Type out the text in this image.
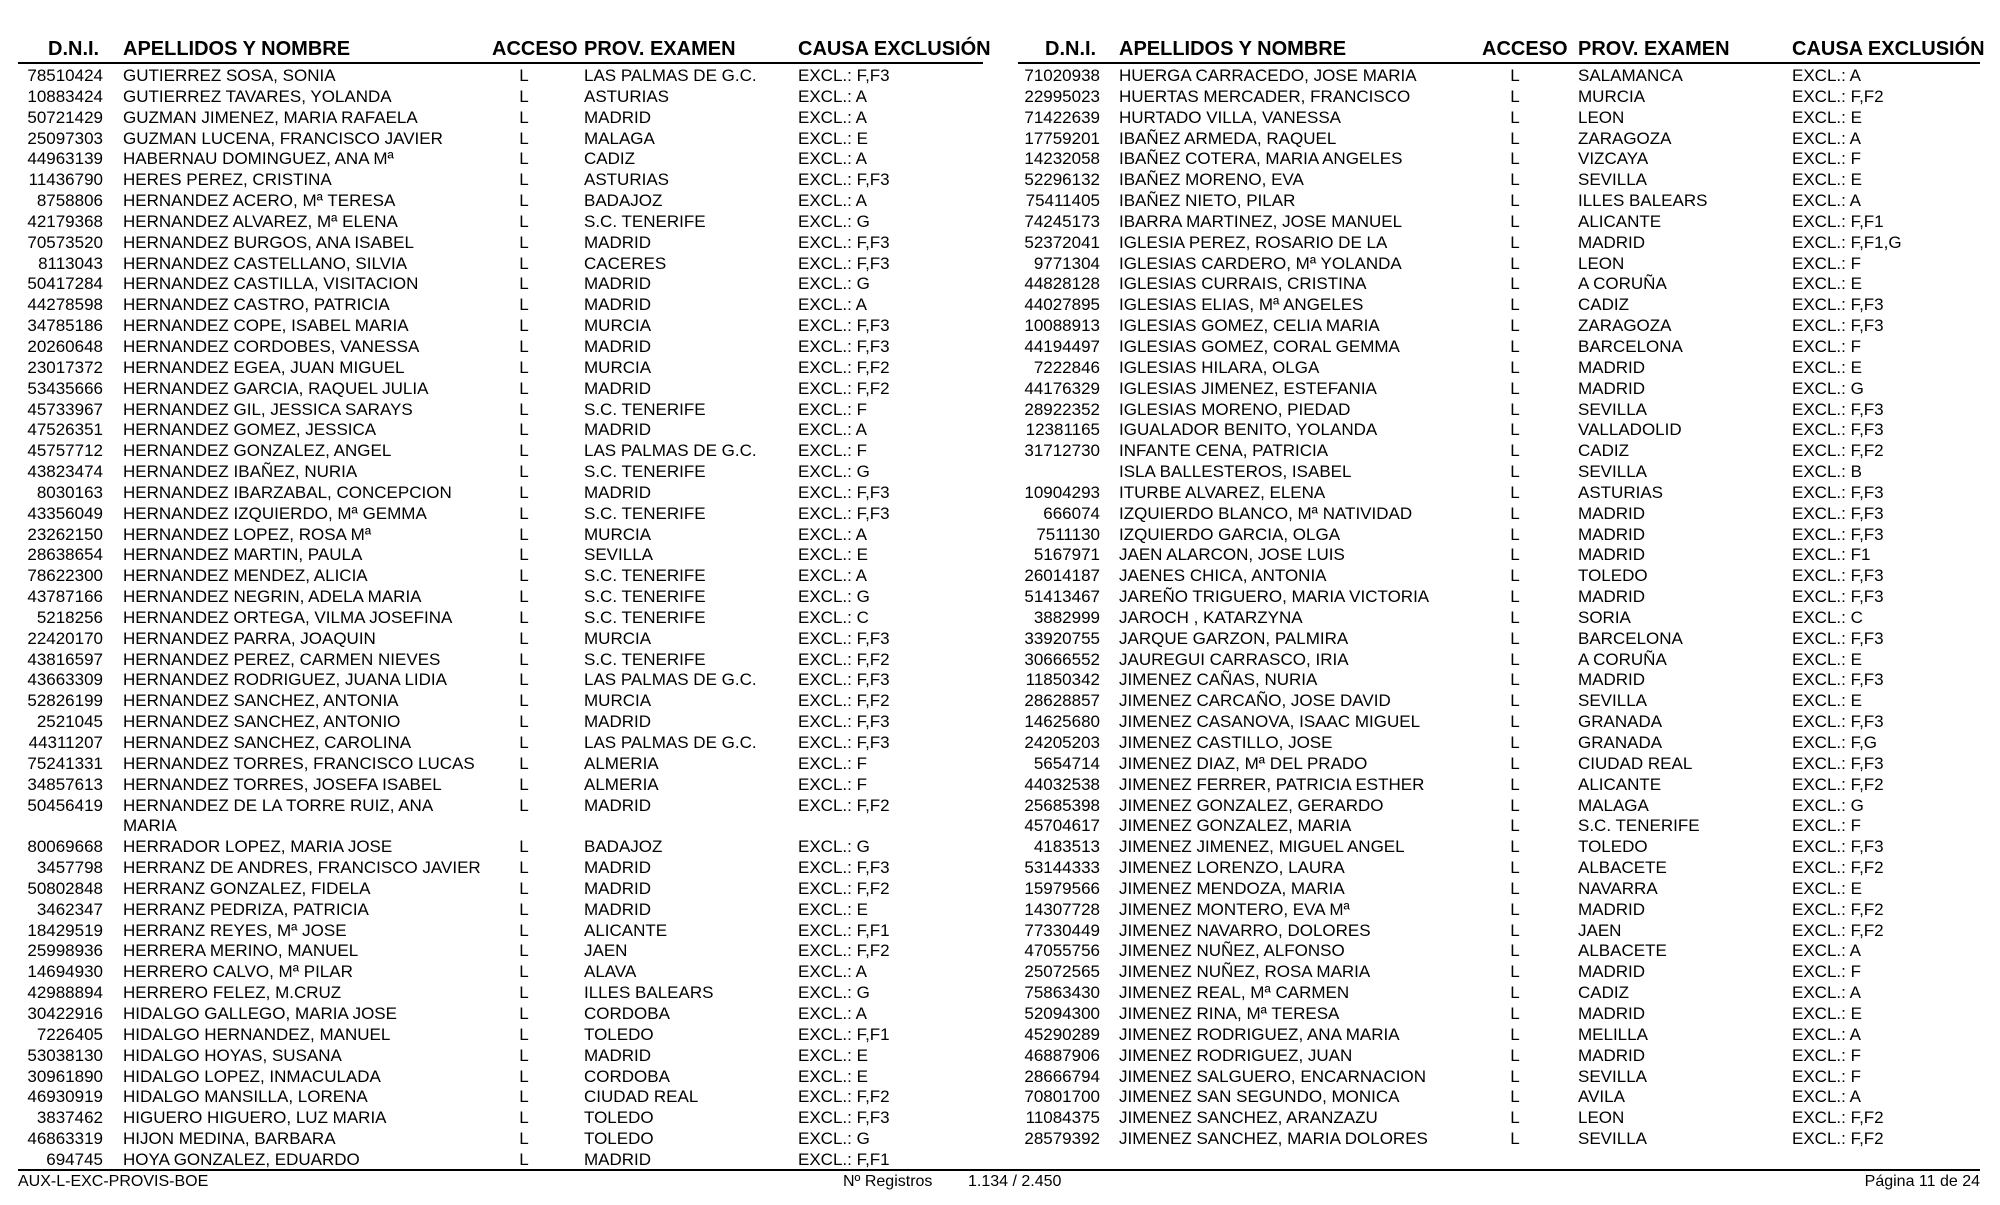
D.N.I. APELLIDOS Y NOMBRE	ACCESO PROV. EXAMEN	CAUSA EXCLUSIÓN
78510424 GUTIERREZ SOSA, SONIA	L	LAS PALMAS DE G.C. EXCL.: F,F3
10883424 GUTIERREZ TAVARES, YOLANDA	L	ASTURIAS	EXCL.: A
50721429 GUZMAN JIMENEZ, MARIA RAFAELA	L	MADRID	EXCL.: A
25097303 GUZMAN LUCENA, FRANCISCO JAVIER	L	MALAGA	EXCL.: E
44963139 HABERNAU DOMINGUEZ, ANA Mª	L	CADIZ	EXCL.: A
11436790 HERES PEREZ, CRISTINA	L	ASTURIAS	EXCL.: F,F3
8758806 HERNANDEZ ACERO, Mª TERESA	L	BADAJOZ	EXCL.: A
42179368 HERNANDEZ ALVAREZ, Mª ELENA	L	S.C. TENERIFE	EXCL.: G
70573520 HERNANDEZ BURGOS, ANA ISABEL	L	MADRID	EXCL.: F,F3
8113043 HERNANDEZ CASTELLANO, SILVIA	L	CACERES	EXCL.: F,F3
50417284 HERNANDEZ CASTILLA, VISITACION	L	MADRID	EXCL.: G
44278598 HERNANDEZ CASTRO, PATRICIA	L	MADRID	EXCL.: A
34785186 HERNANDEZ COPE, ISABEL MARIA	L	MURCIA	EXCL.: F,F3
20260648 HERNANDEZ CORDOBES, VANESSA	L	MADRID	EXCL.: F,F3
23017372 HERNANDEZ EGEA, JUAN MIGUEL	L	MURCIA	EXCL.: F,F2
53435666 HERNANDEZ GARCIA, RAQUEL JULIA	L	MADRID	EXCL.: F,F2
45733967 HERNANDEZ GIL, JESSICA SARAYS	L	S.C. TENERIFE	EXCL.: F
47526351 HERNANDEZ GOMEZ, JESSICA	L	MADRID	EXCL.: A
45757712 HERNANDEZ GONZALEZ, ANGEL	L	LAS PALMAS DE G.C. EXCL.: F
43823474 HERNANDEZ IBAÑEZ, NURIA	L	S.C. TENERIFE	EXCL.: G
8030163 HERNANDEZ IBARZABAL, CONCEPCION	L	MADRID	EXCL.: F,F3
43356049 HERNANDEZ IZQUIERDO, Mª GEMMA	L	S.C. TENERIFE	EXCL.: F,F3
23262150 HERNANDEZ LOPEZ, ROSA Mª	L	MURCIA	EXCL.: A
28638654 HERNANDEZ MARTIN, PAULA	L	SEVILLA	EXCL.: E
78622300 HERNANDEZ MENDEZ, ALICIA	L	S.C. TENERIFE	EXCL.: A
43787166 HERNANDEZ NEGRIN, ADELA MARIA	L	S.C. TENERIFE	EXCL.: G
5218256 HERNANDEZ ORTEGA, VILMA JOSEFINA	L	S.C. TENERIFE	EXCL.: C
22420170 HERNANDEZ PARRA, JOAQUIN	L	MURCIA	EXCL.: F,F3
43816597 HERNANDEZ PEREZ, CARMEN NIEVES	L	S.C. TENERIFE	EXCL.: F,F2
43663309 HERNANDEZ RODRIGUEZ, JUANA LIDIA	L	LAS PALMAS DE G.C. EXCL.: F,F3
52826199 HERNANDEZ SANCHEZ, ANTONIA	L	MURCIA	EXCL.: F,F2
2521045 HERNANDEZ SANCHEZ, ANTONIO	L	MADRID	EXCL.: F,F3
44311207 HERNANDEZ SANCHEZ, CAROLINA	L	LAS PALMAS DE G.C. EXCL.: F,F3
75241331 HERNANDEZ TORRES, FRANCISCO LUCAS	L	ALMERIA	EXCL.: F
34857613 HERNANDEZ TORRES, JOSEFA ISABEL	L	ALMERIA	EXCL.: F
50456419 HERNANDEZ DE LA TORRE RUIZ, ANA	L	MADRID	EXCL.: F,F2
MARIA
80069668 HERRADOR LOPEZ, MARIA JOSE	L	BADAJOZ	EXCL.: G
3457798 HERRANZ DE ANDRES, FRANCISCO JAVIER L	MADRID	EXCL.: F,F3
50802848 HERRANZ GONZALEZ, FIDELA	L	MADRID	EXCL.: F,F2
3462347 HERRANZ PEDRIZA, PATRICIA	L	MADRID	EXCL.: E
18429519 HERRANZ REYES, Mª JOSE	L	ALICANTE	EXCL.: F,F1
25998936 HERRERA MERINO, MANUEL	L	JAEN	EXCL.: F,F2
14694930 HERRERO CALVO, Mª PILAR	L	ALAVA	EXCL.: A
42988894 HERRERO FELEZ, M.CRUZ	L	ILLES BALEARS	EXCL.: G
30422916 HIDALGO GALLEGO, MARIA JOSE	L	CORDOBA	EXCL.: A
7226405 HIDALGO HERNANDEZ, MANUEL	L	TOLEDO	EXCL.: F,F1
53038130 HIDALGO HOYAS, SUSANA	L	MADRID	EXCL.: E
30961890 HIDALGO LOPEZ, INMACULADA	L	CORDOBA	EXCL.: E
46930919 HIDALGO MANSILLA, LORENA	L	CIUDAD REAL	EXCL.: F,F2
3837462 HIGUERO HIGUERO, LUZ MARIA	L	TOLEDO	EXCL.: F,F3
46863319 HIJON MEDINA, BARBARA	L	TOLEDO	EXCL.: G
694745 HOYA GONZALEZ, EDUARDO	L	MADRID	EXCL.: F,F1
D.N.I. APELLIDOS Y NOMBRE	ACCESO PROV. EXAMEN	CAUSA EXCLUSIÓN
71020938 HUERGA CARRACEDO, JOSE MARIA	L	SALAMANCA	EXCL.: A
22995023 HUERTAS MERCADER, FRANCISCO	L	MURCIA	EXCL.: F,F2
71422639 HURTADO VILLA, VANESSA	L	LEON	EXCL.: E
17759201 IBAÑEZ ARMEDA, RAQUEL	L	ZARAGOZA	EXCL.: A
14232058 IBAÑEZ COTERA, MARIA ANGELES	L	VIZCAYA	EXCL.: F
52296132 IBAÑEZ MORENO, EVA	L	SEVILLA	EXCL.: E
75411405 IBAÑEZ NIETO, PILAR	L	ILLES BALEARS	EXCL.: A
74245173 IBARRA MARTINEZ, JOSE MANUEL	L	ALICANTE	EXCL.: F,F1
52372041 IGLESIA PEREZ, ROSARIO DE LA	L	MADRID	EXCL.: F,F1,G
9771304 IGLESIAS CARDERO, Mª YOLANDA	L	LEON	EXCL.: F
44828128 IGLESIAS CURRAIS, CRISTINA	L	A CORUÑA	EXCL.: E
44027895 IGLESIAS ELIAS, Mª ANGELES	L	CADIZ	EXCL.: F,F3
10088913 IGLESIAS GOMEZ, CELIA MARIA	L	ZARAGOZA	EXCL.: F,F3
44194497 IGLESIAS GOMEZ, CORAL GEMMA	L	BARCELONA	EXCL.: F
7222846 IGLESIAS HILARA, OLGA	L	MADRID	EXCL.: E
44176329 IGLESIAS JIMENEZ, ESTEFANIA	L	MADRID	EXCL.: G
28922352 IGLESIAS MORENO, PIEDAD	L	SEVILLA	EXCL.: F,F3
12381165 IGUALADOR BENITO, YOLANDA	L	VALLADOLID	EXCL.: F,F3
31712730 INFANTE CENA, PATRICIA	L	CADIZ	EXCL.: F,F2
ISLA BALLESTEROS, ISABEL	L	SEVILLA	EXCL.: B
10904293 ITURBE ALVAREZ, ELENA	L	ASTURIAS	EXCL.: F,F3
666074 IZQUIERDO BLANCO, Mª NATIVIDAD	L	MADRID	EXCL.: F,F3
7511130 IZQUIERDO GARCIA, OLGA	L	MADRID	EXCL.: F,F3
5167971 JAEN ALARCON, JOSE LUIS	L	MADRID	EXCL.: F1
26014187 JAENES CHICA, ANTONIA	L	TOLEDO	EXCL.: F,F3
51413467 JAREÑO TRIGUERO, MARIA VICTORIA	L	MADRID	EXCL.: F,F3
3882999 JAROCH , KATARZYNA	L	SORIA	EXCL.: C
33920755 JARQUE GARZON, PALMIRA	L	BARCELONA	EXCL.: F,F3
30666552 JAUREGUI CARRASCO, IRIA	L	A CORUÑA	EXCL.: E
11850342 JIMENEZ CAÑAS, NURIA	L	MADRID	EXCL.: F,F3
28628857 JIMENEZ CARCAÑO, JOSE DAVID	L	SEVILLA	EXCL.: E
14625680 JIMENEZ CASANOVA, ISAAC MIGUEL	L	GRANADA	EXCL.: F,F3
24205203 JIMENEZ CASTILLO, JOSE	L	GRANADA	EXCL.: F,G
5654714 JIMENEZ DIAZ, Mª DEL PRADO	L	CIUDAD REAL	EXCL.: F,F3
44032538 JIMENEZ FERRER, PATRICIA ESTHER	L	ALICANTE	EXCL.: F,F2
25685398 JIMENEZ GONZALEZ, GERARDO	L	MALAGA	EXCL.: G
45704617 JIMENEZ GONZALEZ, MARIA	L	S.C. TENERIFE	EXCL.: F
4183513 JIMENEZ JIMENEZ, MIGUEL ANGEL	L	TOLEDO	EXCL.: F,F3
53144333 JIMENEZ LORENZO, LAURA	L	ALBACETE	EXCL.: F,F2
15979566 JIMENEZ MENDOZA, MARIA	L	NAVARRA	EXCL.: E
14307728 JIMENEZ MONTERO, EVA Mª	L	MADRID	EXCL.: F,F2
77330449 JIMENEZ NAVARRO, DOLORES	L	JAEN	EXCL.: F,F2
47055756 JIMENEZ NUÑEZ, ALFONSO	L	ALBACETE	EXCL.: A
25072565 JIMENEZ NUÑEZ, ROSA MARIA	L	MADRID	EXCL.: F
75863430 JIMENEZ REAL, Mª CARMEN	L	CADIZ	EXCL.: A
52094300 JIMENEZ RINA, Mª TERESA	L	MADRID	EXCL.: E
45290289 JIMENEZ RODRIGUEZ, ANA MARIA	L	MELILLA	EXCL.: A
46887906 JIMENEZ RODRIGUEZ, JUAN	L	MADRID	EXCL.: F
28666794 JIMENEZ SALGUERO, ENCARNACION	L	SEVILLA	EXCL.: F
70801700 JIMENEZ SAN SEGUNDO, MONICA	L	AVILA	EXCL.: A
11084375 JIMENEZ SANCHEZ, ARANZAZU	L	LEON	EXCL.: F,F2
28579392 JIMENEZ SANCHEZ, MARIA DOLORES	L	SEVILLA	EXCL.: F,F2
AUX-L-EXC-PROVIS-BOE	Nº Registros 1.134 / 2.450	Página 11 de 24
